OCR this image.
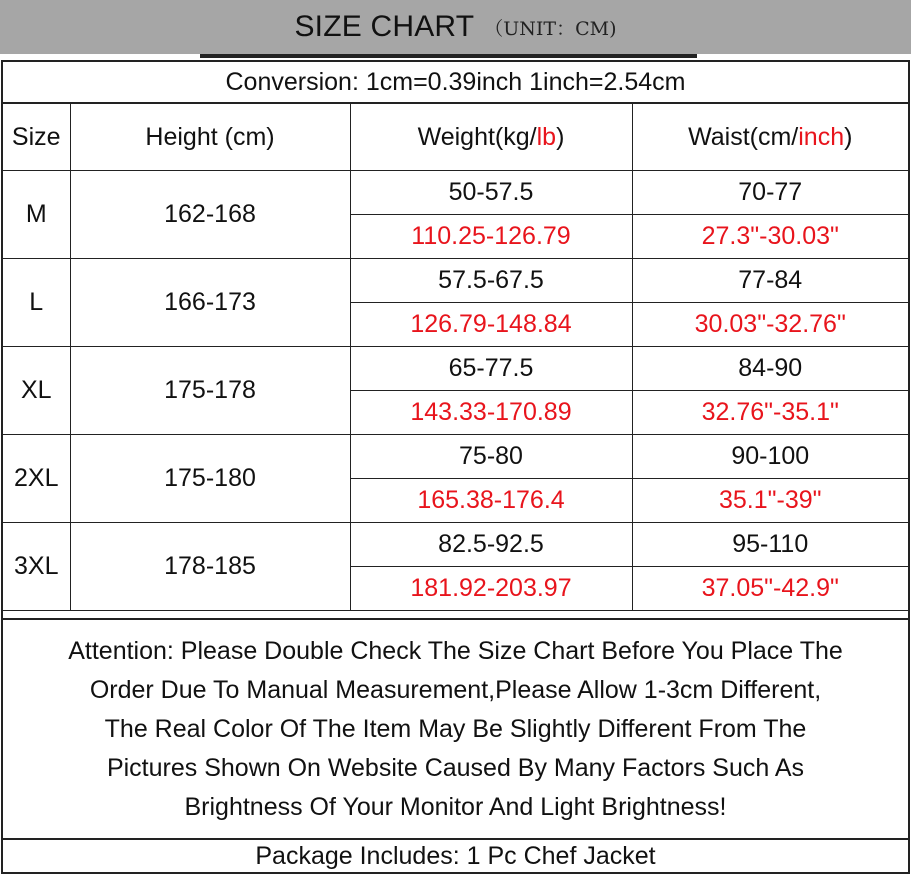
SIZE CHART （UNIT：CM)
Conversion: 1cm=0.39inch 1inch=2.54cm
Size	Height (cm)	Weight(kg/lb)	Waist(cm/inch)
M	162-168	50-57.5	70-77
		110.25-126.79	27.3"-30.03"
L	166-173	57.5-67.5	77-84
		126.79-148.84	30.03"-32.76"
XL	175-178	65-77.5	84-90
		143.33-170.89	32.76"-35.1"
2XL	175-180	75-80	90-100
		165.38-176.4	35.1"-39"
3XL	178-185	82.5-92.5	95-110
		181.92-203.97	37.05"-42.9"
Attention: Please Double Check The Size Chart Before You Place The
Order Due To Manual Measurement,Please Allow 1-3cm Different,
The Real Color Of The Item May Be Slightly Different From The
Pictures Shown On Website Caused By Many Factors Such As
Brightness Of Your Monitor And Light Brightness!
Package Includes: 1 Pc Chef Jacket
